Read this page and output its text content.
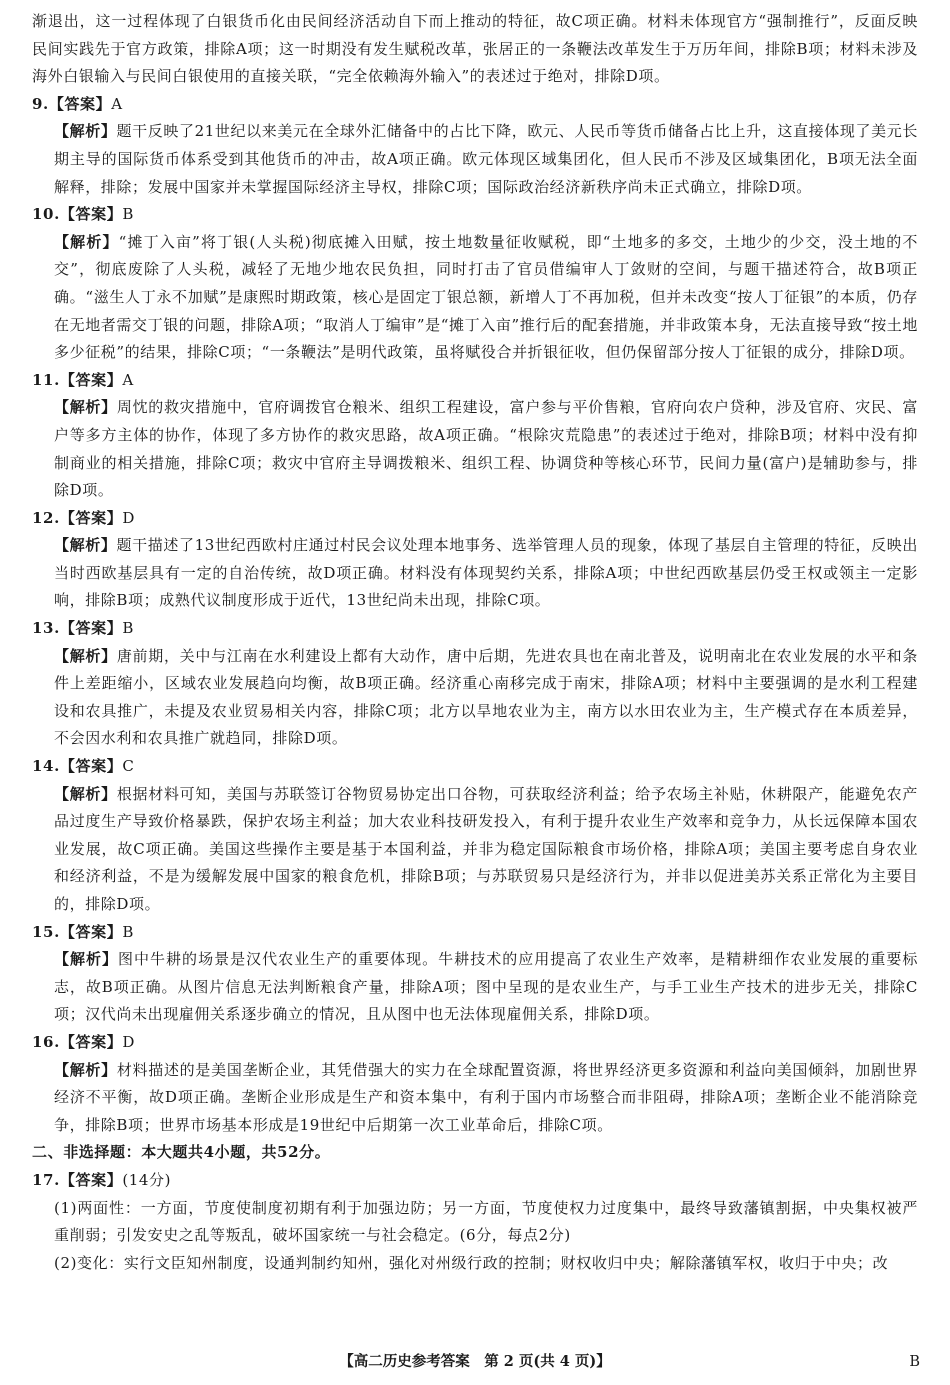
渐退出，这一过程体现了白银货币化由民间经济活动自下而上推动的特征，故C项正确。材料未体现官方“强制推行”，反面反映民间实践先于官方政策，排除A项；这一时期没有发生赋税改革，张居正的一条鞭法改革发生于万历年间，排除B项；材料未涉及海外白银输入与民间白银使用的直接关联，“完全依赖海外输入”的表述过于绝对，排除D项。

9.【答案】A

【解析】题干反映了21世纪以来美元在全球外汇储备中的占比下降，欧元、人民币等货币储备占比上升，这直接体现了美元长期主导的国际货币体系受到其他货币的冲击，故A项正确。欧元体现区域集团化，但人民币不涉及区域集团化，B项无法全面解释，排除；发展中国家并未掌握国际经济主导权，排除C项；国际政治经济新秩序尚未正式确立，排除D项。

10.【答案】B

【解析】“摊丁入亩”将丁银(人头税)彻底摊入田赋，按土地数量征收赋税，即“土地多的多交，土地少的少交，没土地的不交”，彻底废除了人头税，减轻了无地少地农民负担，同时打击了官员借编审人丁敛财的空间，与题干描述符合，故B项正确。“滋生人丁永不加赋”是康熙时期政策，核心是固定丁银总额，新增人丁不再加税，但并未改变“按人丁征银”的本质，仍存在无地者需交丁银的问题，排除A项；“取消人丁编审”是“摊丁入亩”推行后的配套措施，并非政策本身，无法直接导致“按土地多少征税”的结果，排除C项；“一条鞭法”是明代政策，虽将赋役合并折银征收，但仍保留部分按人丁征银的成分，排除D项。

11.【答案】A

【解析】周忱的救灾措施中，官府调拨官仓粮米、组织工程建设，富户参与平价售粮，官府向农户贷种，涉及官府、灾民、富户等多方主体的协作，体现了多方协作的救灾思路，故A项正确。“根除灾荒隐患”的表述过于绝对，排除B项；材料中没有抑制商业的相关措施，排除C项；救灾中官府主导调拨粮米、组织工程、协调贷种等核心环节，民间力量(富户)是辅助参与，排除D项。

12.【答案】D

【解析】题干描述了13世纪西欧村庄通过村民会议处理本地事务、选举管理人员的现象，体现了基层自主管理的特征，反映出当时西欧基层具有一定的自治传统，故D项正确。材料没有体现契约关系，排除A项；中世纪西欧基层仍受王权或领主一定影响，排除B项；成熟代议制度形成于近代，13世纪尚未出现，排除C项。

13.【答案】B

【解析】唐前期，关中与江南在水利建设上都有大动作，唐中后期，先进农具也在南北普及，说明南北在农业发展的水平和条件上差距缩小，区域农业发展趋向均衡，故B项正确。经济重心南移完成于南宋，排除A项；材料中主要强调的是水利工程建设和农具推广，未提及农业贸易相关内容，排除C项；北方以旱地农业为主，南方以水田农业为主，生产模式存在本质差异，不会因水利和农具推广就趋同，排除D项。

14.【答案】C

【解析】根据材料可知，美国与苏联签订谷物贸易协定出口谷物，可获取经济利益；给予农场主补贴，休耕限产，能避免农产品过度生产导致价格暴跌，保护农场主利益；加大农业科技研发投入，有利于提升农业生产效率和竞争力，从长远保障本国农业发展，故C项正确。美国这些操作主要是基于本国利益，并非为稳定国际粮食市场价格，排除A项；美国主要考虑自身农业和经济利益，不是为缓解发展中国家的粮食危机，排除B项；与苏联贸易只是经济行为，并非以促进美苏关系正常化为主要目的，排除D项。

15.【答案】B

【解析】图中牛耕的场景是汉代农业生产的重要体现。牛耕技术的应用提高了农业生产效率，是精耕细作农业发展的重要标志，故B项正确。从图片信息无法判断粮食产量，排除A项；图中呈现的是农业生产，与手工业生产技术的进步无关，排除C项；汉代尚未出现雇佣关系逐步确立的情况，且从图中也无法体现雇佣关系，排除D项。

16.【答案】D

【解析】材料描述的是美国垄断企业，其凭借强大的实力在全球配置资源，将世界经济更多资源和利益向美国倾斜，加剧世界经济不平衡，故D项正确。垄断企业形成是生产和资本集中，有利于国内市场整合而非阻碍，排除A项；垄断企业不能消除竞争，排除B项；世界市场基本形成是19世纪中后期第一次工业革命后，排除C项。

二、非选择题：本大题共4小题，共52分。

17.【答案】(14分)

(1)两面性：一方面，节度使制度初期有利于加强边防；另一方面，节度使权力过度集中，最终导致藩镇割据，中央集权被严重削弱；引发安史之乱等叛乱，破坏国家统一与社会稳定。(6分，每点2分)

(2)变化：实行文臣知州制度，设通判制约知州，强化对州级行政的控制；财权收归中央；解除藩镇军权，收归于中央；改

【高二历史参考答案　第 2 页(共 4 页)】	B
